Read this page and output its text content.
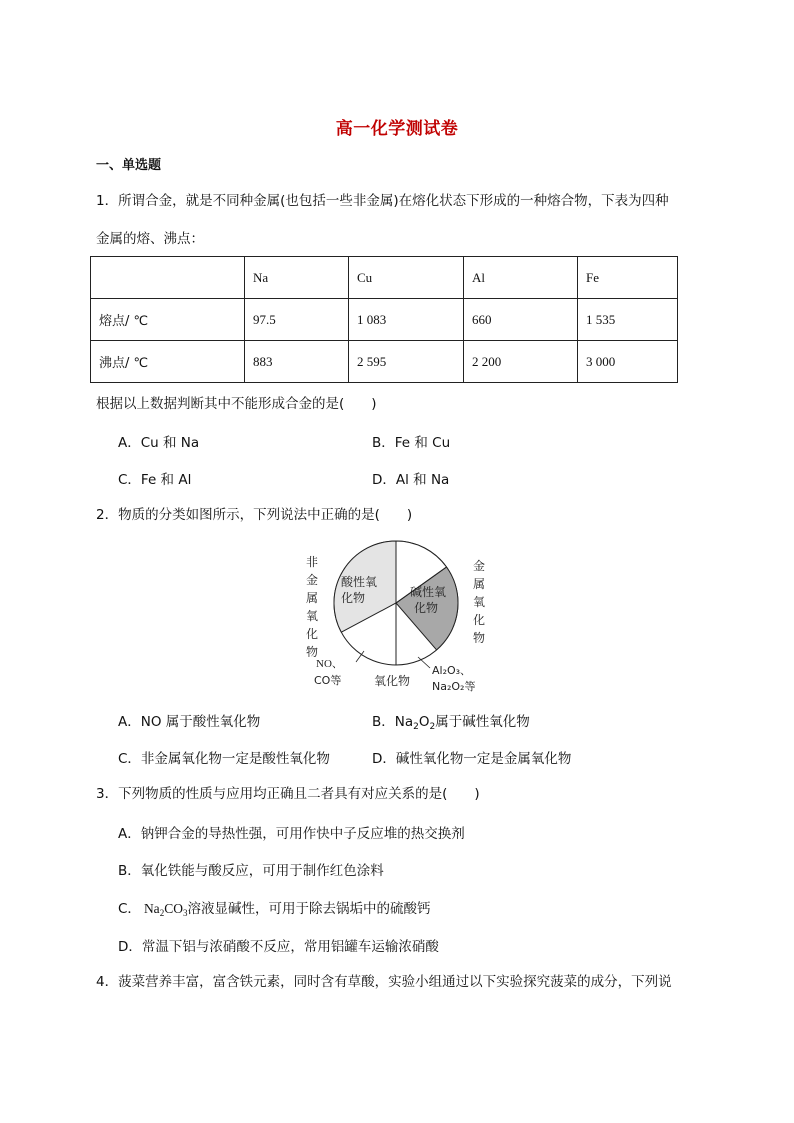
高一化学测试卷
一、单选题
1．所谓合金，就是不同种金属(也包括一些非金属)在熔化状态下形成的一种熔合物，下表为四种
金属的熔、沸点：
	Na	Cu	Al	Fe
熔点/ ℃	97.5	1 083	660	1 535
沸点/ ℃	883	2 595	2 200	3 000
根据以上数据判断其中不能形成合金的是(　　)
A．Cu 和 Na	B．Fe 和 Cu
C．Fe 和 Al	D．Al 和 Na
2．物质的分类如图所示，下列说法中正确的是(　　)
非
金
属
氧
化
物
金
属
氧
化
物
酸性氧
化物	碱性氧
化物
NO、
CO等	氧化物
Al₂O₃、
Na₂O₂等
A．NO 属于酸性氧化物	B．$Na_2O_2$属于碱性氧化物
C．非金属氧化物一定是酸性氧化物	D．碱性氧化物一定是金属氧化物
3．下列物质的性质与应用均正确且二者具有对应关系的是(　　)
A．钠钾合金的导热性强，可用作快中子反应堆的热交换剂
B．氧化铁能与酸反应，可用于制作红色涂料
C． $Na_2CO_3$溶液显碱性，可用于除去锅垢中的硫酸钙
D．常温下铝与浓硝酸不反应，常用铝罐车运输浓硝酸
4．菠菜营养丰富，富含铁元素，同时含有草酸，实验小组通过以下实验探究菠菜的成分，下列说
